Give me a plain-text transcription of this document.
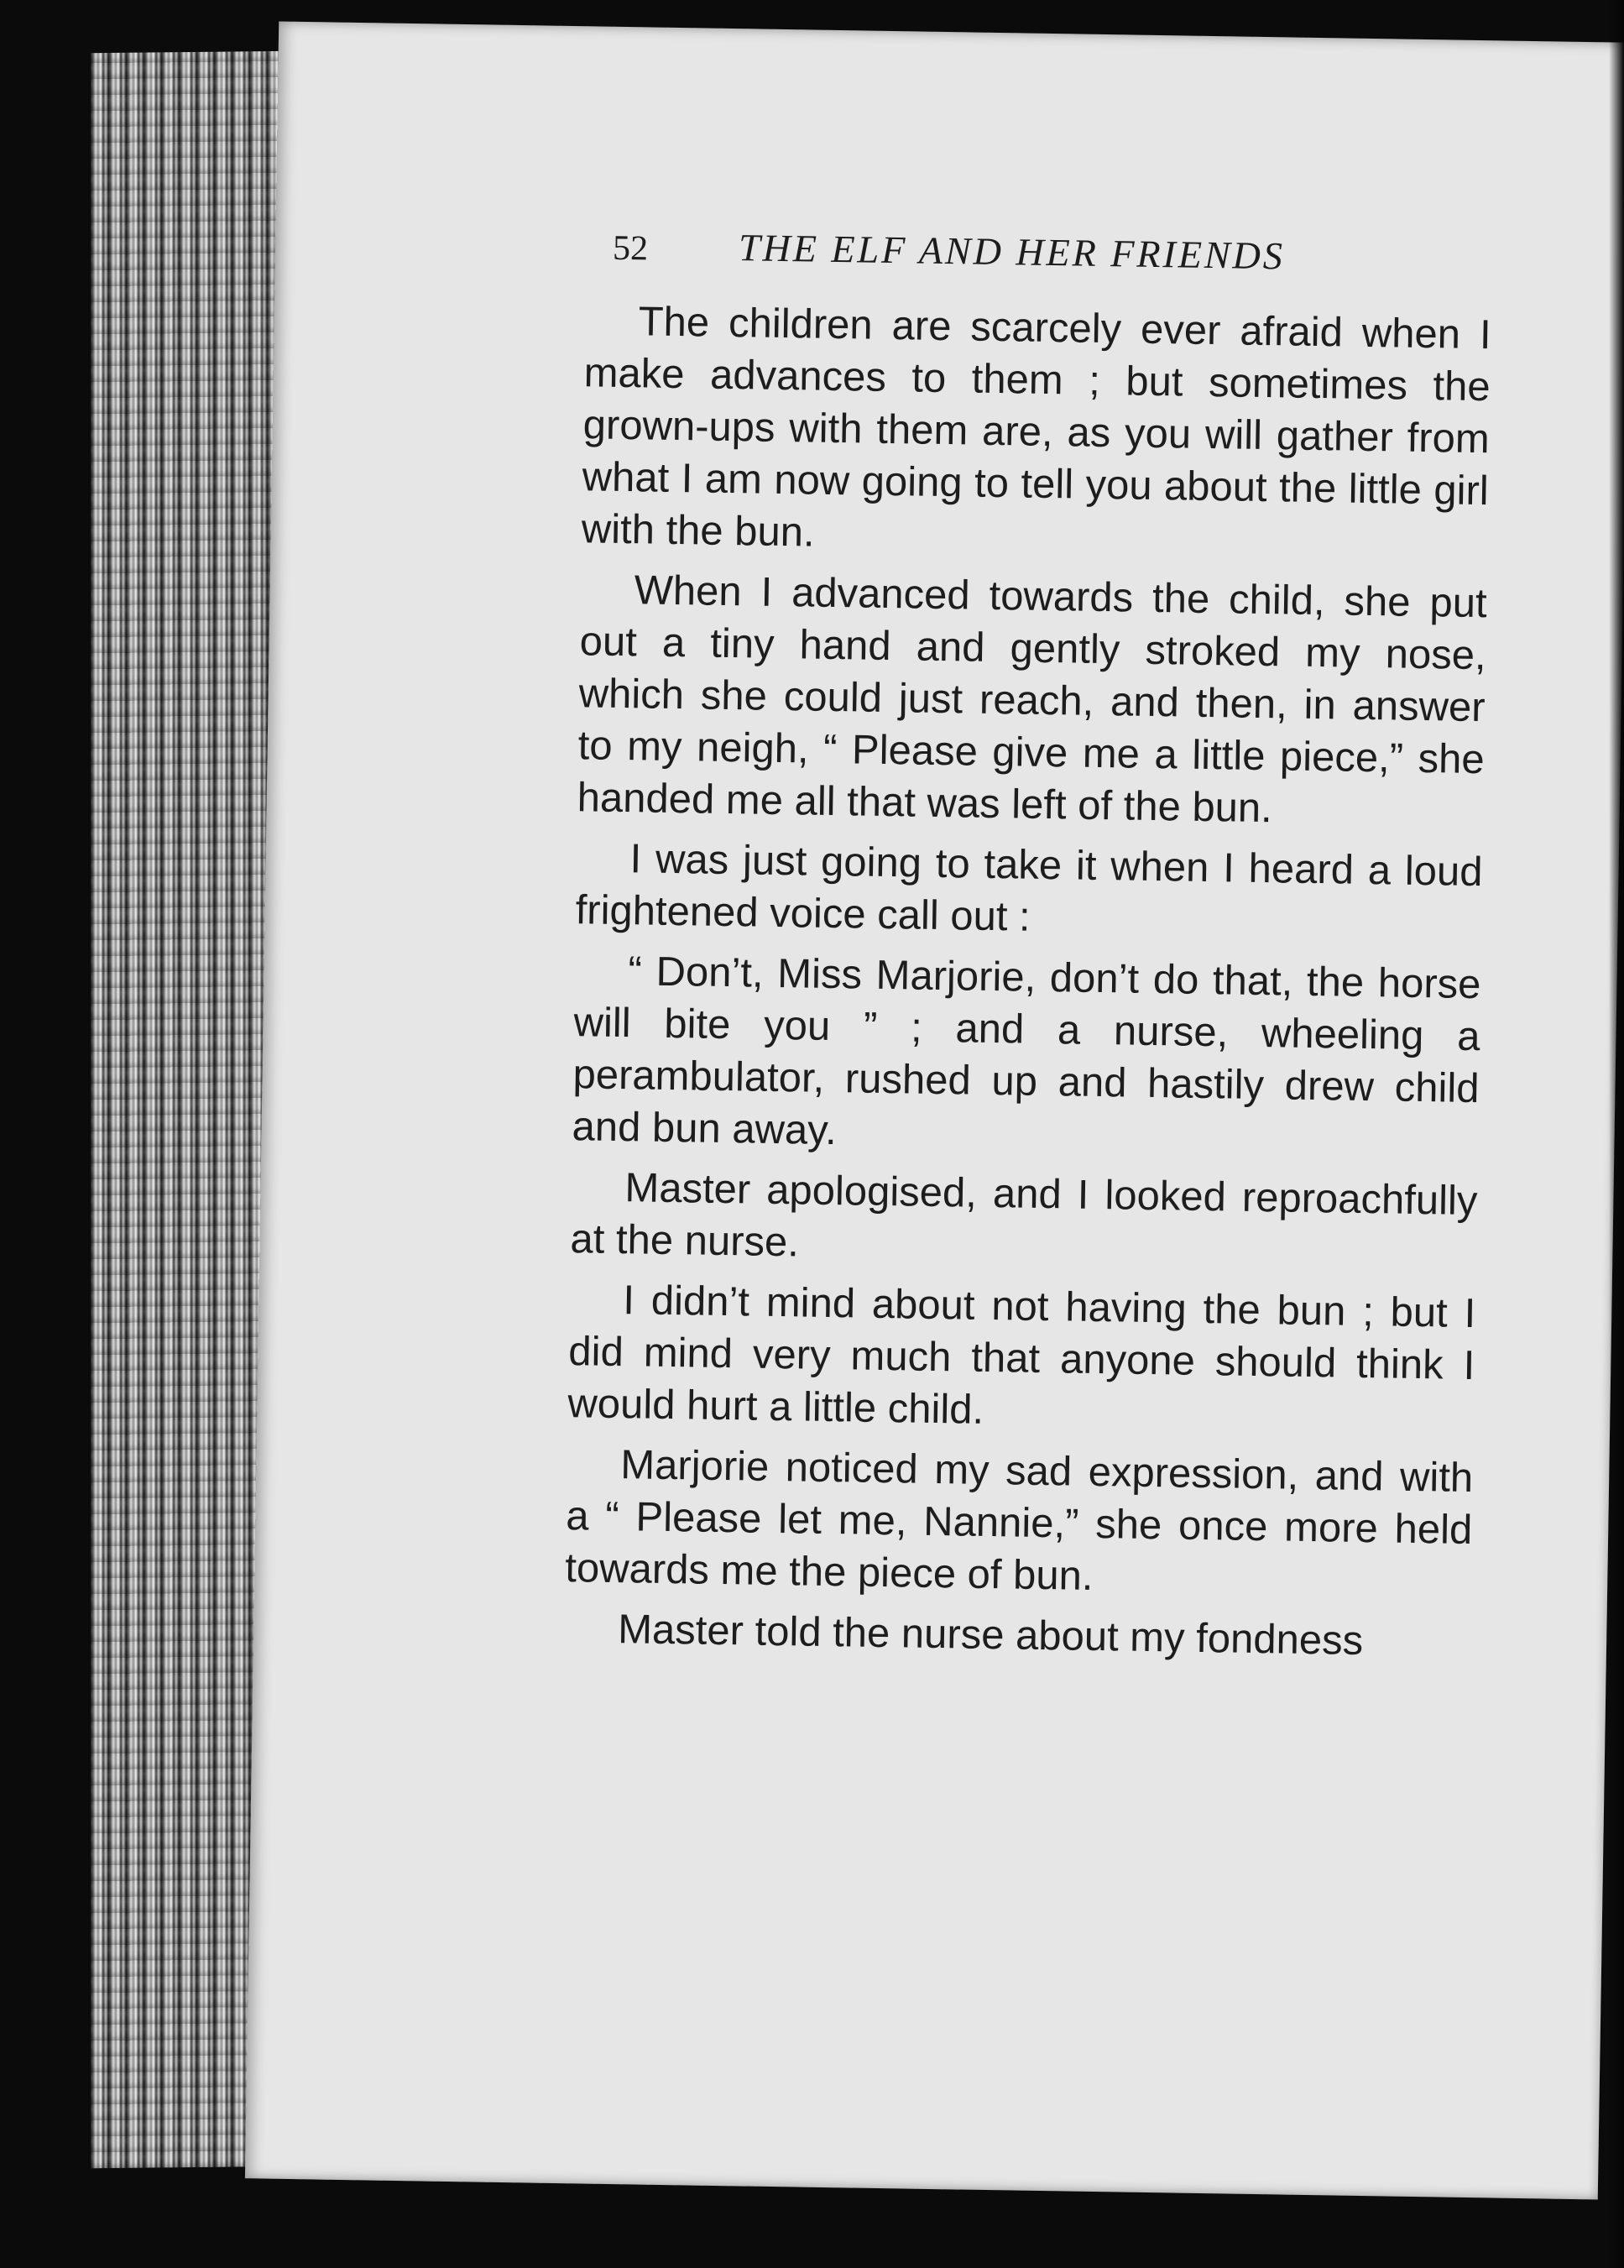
52 THE ELF AND HER FRIENDS

The children are scarcely ever afraid when I make advances to them ; but sometimes the grown-ups with them are, as you will gather from what I am now going to tell you about the little girl with the bun.

When I advanced towards the child, she put out a tiny hand and gently stroked my nose, which she could just reach, and then, in answer to my neigh, “ Please give me a little piece,” she handed me all that was left of the bun.

I was just going to take it when I heard a loud frightened voice call out :

“ Don’t, Miss Marjorie, don’t do that, the horse will bite you ” ; and a nurse, wheeling a perambulator, rushed up and hastily drew child and bun away.

Master apologised, and I looked reproachfully at the nurse.

I didn’t mind about not having the bun ; but I did mind very much that anyone should think I would hurt a little child.

Marjorie noticed my sad expression, and with a “ Please let me, Nannie,” she once more held towards me the piece of bun.

Master told the nurse about my fondness
